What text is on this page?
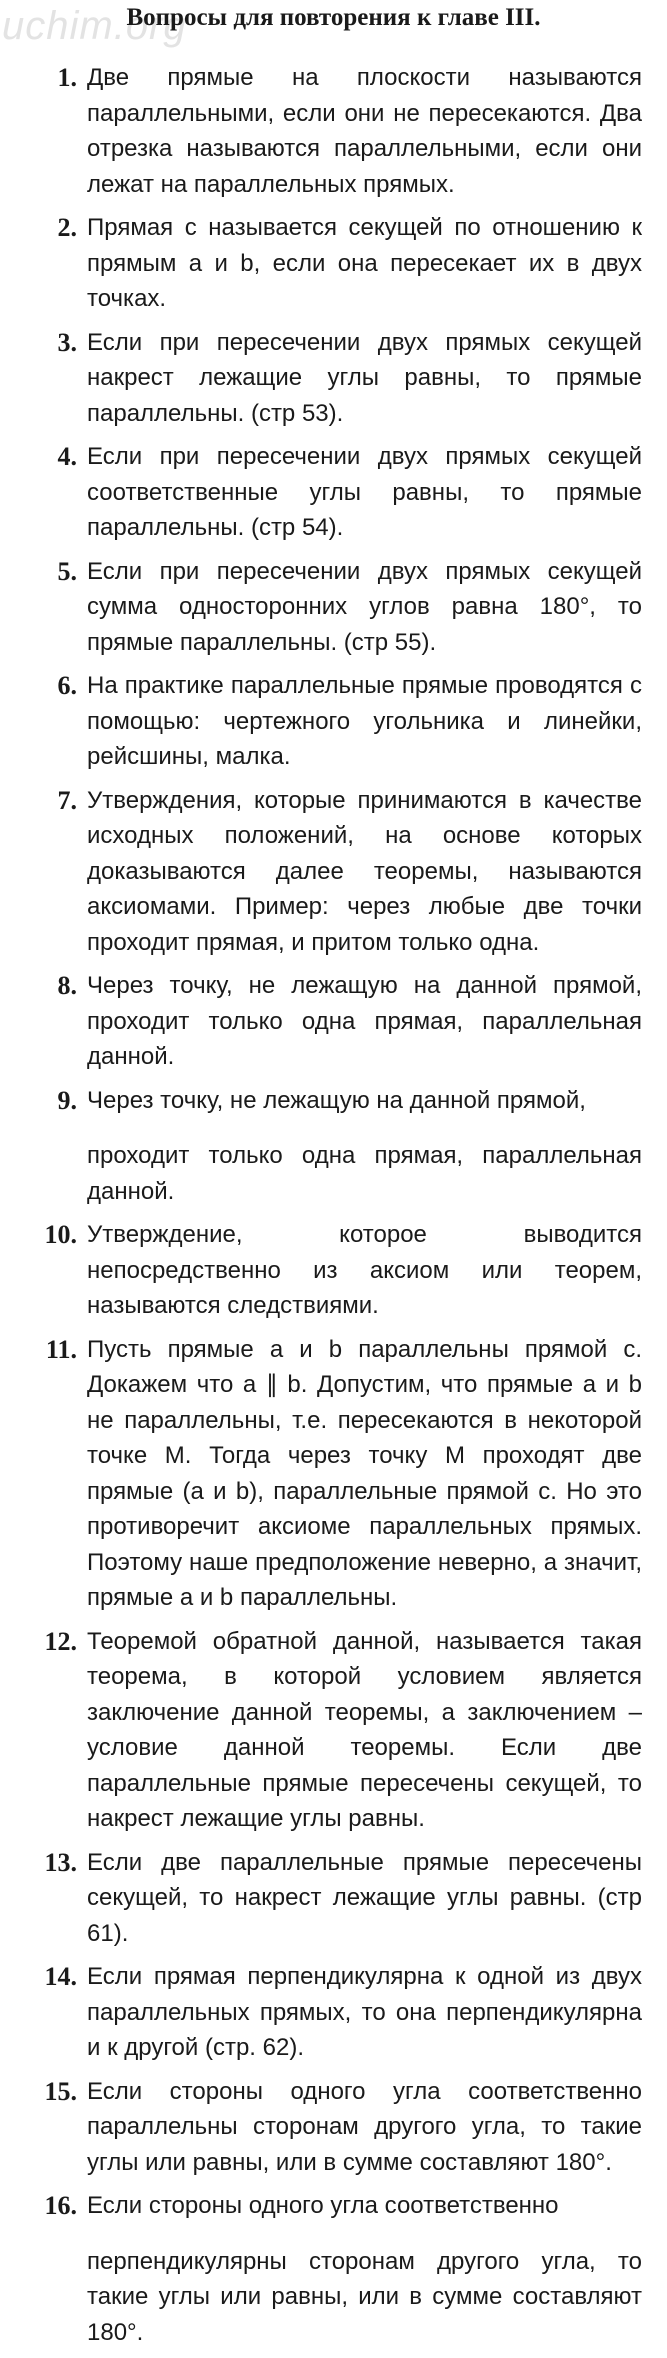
uchim.org
Вопросы для повторения к главе III.
1. Две прямые на плоскости называются параллельными, если они не пересекаются. Два отрезка называются параллельными, если они лежат на параллельных прямых.
2. Прямая c называется секущей по отношению к прямым a и b, если она пересекает их в двух точках.
3. Если при пересечении двух прямых секущей накрест лежащие углы равны, то прямые параллельны. (стр 53).
4. Если при пересечении двух прямых секущей соответственные углы равны, то прямые параллельны. (стр 54).
5. Если при пересечении двух прямых секущей сумма односторонних углов равна 180°, то прямые параллельны. (стр 55).
6. На практике параллельные прямые проводятся с помощью: чертежного угольника и линейки, рейсшины, малка.
7. Утверждения, которые принимаются в качестве исходных положений, на основе которых доказываются далее теоремы, называются аксиомами. Пример: через любые две точки проходит прямая, и притом только одна.
8. Через точку, не лежащую на данной прямой, проходит только одна прямая, параллельная данной.
9. Через точку, не лежащую на данной прямой,
проходит только одна прямая, параллельная данной.
10. Утверждение, которое выводится непосредственно из аксиом или теорем, называются следствиями.
11. Пусть прямые a и b параллельны прямой c. Докажем что a ∥ b. Допустим, что прямые a и b не параллельны, т.е. пересекаются в некоторой точке M. Тогда через точку M проходят две прямые (a и b), параллельные прямой c. Но это противоречит аксиоме параллельных прямых. Поэтому наше предположение неверно, а значит, прямые a и b параллельны.
12. Теоремой обратной данной, называется такая теорема, в которой условием является заключение данной теоремы, а заключением – условие данной теоремы. Если две параллельные прямые пересечены секущей, то накрест лежащие углы равны.
13. Если две параллельные прямые пересечены секущей, то накрест лежащие углы равны. (стр 61).
14. Если прямая перпендикулярна к одной из двух параллельных прямых, то она перпендикулярна и к другой (стр. 62).
15. Если стороны одного угла соответственно параллельны сторонам другого угла, то такие углы или равны, или в сумме составляют 180°.
16. Если стороны одного угла соответственно
перпендикулярны сторонам другого угла, то такие углы или равны, или в сумме составляют 180°.
